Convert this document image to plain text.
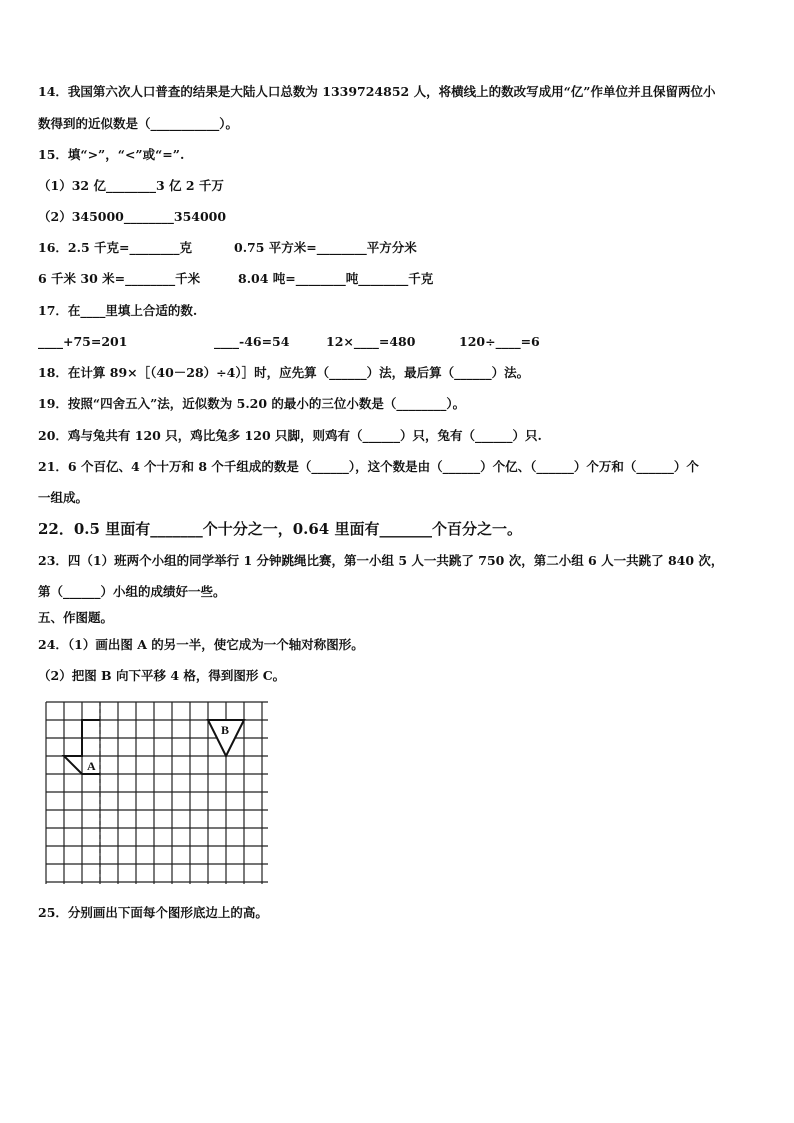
14．我国第六次人口普查的结果是大陆人口总数为 1339724852 人，将横线上的数改写成用“亿”作单位并且保留两位小
数得到的近似数是（___________）。
15．填“>”，“<”或“=”.
（1）32 亿________3 亿 2 千万
（2）345000________354000
16．2.5 千克=________克	0.75 平方米=________平方分米
6 千米 30 米=________千米	8.04 吨=________吨________千克
17．在____里填上合适的数.
____+75=201	____-46=54	12×____=480	120÷____=6
18．在计算 89×［（40－28）÷4）］时，应先算（______）法，最后算（______）法。
19．按照“四舍五入”法，近似数为 5.20 的最小的三位小数是（________）。
20．鸡与兔共有 120 只，鸡比兔多 120 只脚，则鸡有（______）只，兔有（______）只.
21．6 个百亿、4 个十万和 8 个千组成的数是（______），这个数是由（______）个亿、（______）个万和（______）个
一组成。
22．0.5 里面有_______个十分之一，0.64 里面有_______个百分之一。
23．四（1）班两个小组的同学举行 1 分钟跳绳比赛，第一小组 5 人一共跳了 750 次，第二小组 6 人一共跳了 840 次，
第（______）小组的成绩好一些。
五、作图题。
24．（1）画出图 A 的另一半，使它成为一个轴对称图形。
（2）把图 B 向下平移 4 格，得到图形 C。
A
B
25．分别画出下面每个图形底边上的高。
